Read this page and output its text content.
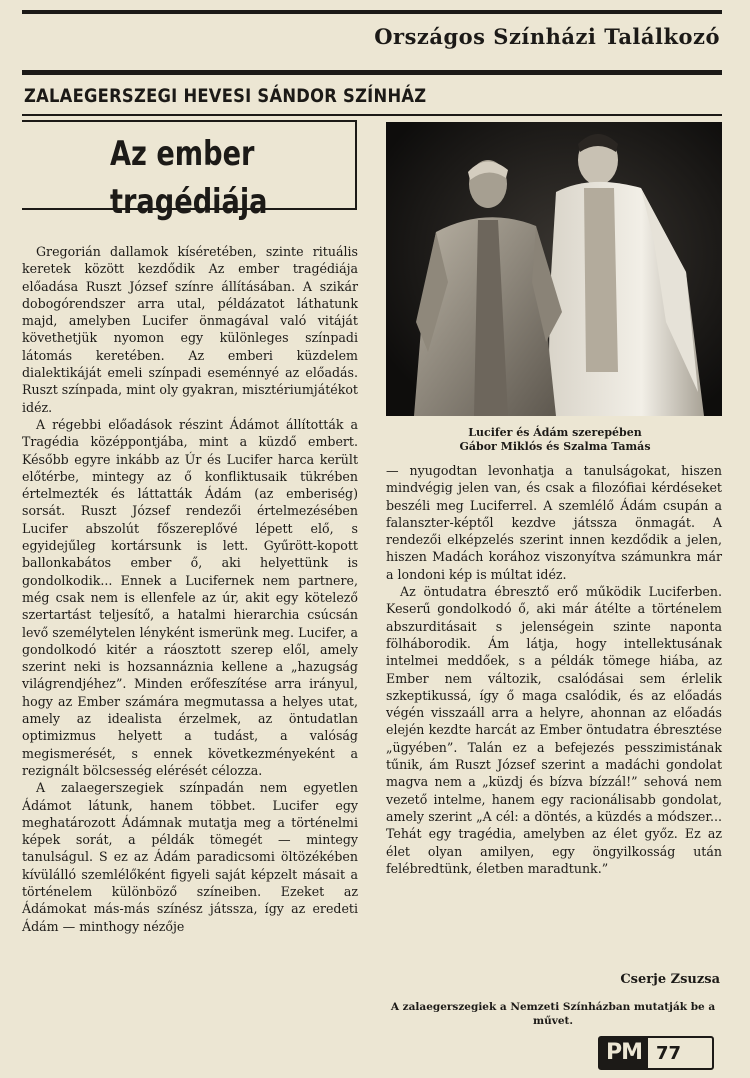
Országos Színházi Találkozó
ZALAEGERSZEGI HEVESI SÁNDOR SZÍNHÁZ
Az ember
tragédiája
Lucifer és Ádám szerepében
Gábor Miklós és Szalma Tamás

Gregorián dallamok kíséretében, szinte rituális keretek között kezdődik Az ember tragédiája előadása Ruszt József színre állításában. A szikár dobogórendszer arra utal, példázatot láthatunk majd, amelyben Lucifer önmagával való vitáját követhetjük nyomon egy különleges színpadi látomás keretében. Az emberi küzdelem dialektikáját emeli színpadi eseménnyé az előadás. Ruszt színpada, mint oly gyakran, misztériumjátékot idéz.

A régebbi előadások részint Ádámot állították a Tragédia középpontjába, mint a küzdő embert. Később egyre inkább az Úr és Lucifer harca került előtérbe, mintegy az ő konfliktusaik tükrében értelmezték és láttatták Ádám (az emberiség) sorsát. Ruszt József rendezői értelmezésében Lucifer abszolút főszereplővé lépett elő, s egyidejűleg kortársunk is lett. Gyűrött-kopott ballonkabátos ember ő, aki helyettünk is gondolkodik... Ennek a Lucifernek nem partnere, még csak nem is ellenfele az úr, akit egy kötelező szertartást teljesítő, a hatalmi hierarchia csúcsán levő személytelen lényként ismerünk meg. Lucifer, a gondolkodó kitér a ráosztott szerep elől, amely szerint neki is hozsannáznia kellene a „hazugság világrendjéhez”. Minden erőfeszítése arra irányul, hogy az Ember számára megmutassa a helyes utat, amely az idealista érzelmek, az öntudatlan optimizmus helyett a tudást, a valóság megismerését, s ennek következményeként a rezignált bölcsesség elérését célozza.

A zalaegerszegiek színpadán nem egyetlen Ádámot látunk, hanem többet. Lucifer egy meghatározott Ádámnak mutatja meg a történelmi képek sorát, a példák tömegét — mintegy tanulságul. S ez az Ádám paradicsomi öltözékében kívülálló szemlélőként figyeli saját képzelt másait a történelem különböző színeiben. Ezeket az Ádámokat más-más színész játssza, így az eredeti Ádám — minthogy nézője

— nyugodtan levonhatja a tanulságokat, hiszen mindvégig jelen van, és csak a filozófiai kérdéseket beszéli meg Luciferrel. A szemlélő Ádám csupán a falanszter-képtől kezdve játssza önmagát. A rendezői elképzelés szerint innen kezdődik a jelen, hiszen Madách korához viszonyítva számunkra már a londoni kép is múltat idéz.

Az öntudatra ébresztő erő működik Luciferben. Keserű gondolkodó ő, aki már átélte a történelem abszurditásait s jelenségein szinte naponta fölháborodik. Ám látja, hogy intellektusának intelmei meddőek, s a példák tömege hiába, az Ember nem változik, csalódásai sem érlelik szkeptikussá, így ő maga csalódik, és az előadás végén visszaáll arra a helyre, ahonnan az előadás elején kezdte harcát az Ember öntudatra ébresztése „ügyében”. Talán ez a befejezés pesszimistának tűnik, ám Ruszt József szerint a madáchi gondolat magva nem a „küzdj és bízva bízzál!” sehová nem vezető intelme, hanem egy racionálisabb gondolat, amely szerint „A cél: a döntés, a küzdés a módszer... Tehát egy tragédia, amelyben az élet győz. Ez az élet olyan amilyen, egy öngyilkosság után felébredtünk, életben maradtunk.”

Cserje Zsuzsa
A zalaegerszegiek a Nemzeti Színházban mutatják be a művet.
PM 77
